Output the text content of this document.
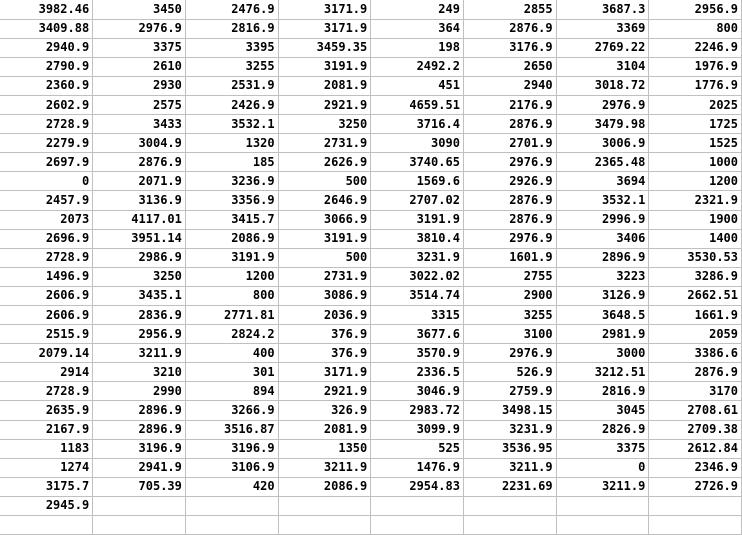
3982.46	3450	2476.9	3171.9	249	2855	3687.3	2956.9
3409.88	2976.9	2816.9	3171.9	364	2876.9	3369	800
2940.9	3375	3395	3459.35	198	3176.9	2769.22	2246.9
2790.9	2610	3255	3191.9	2492.2	2650	3104	1976.9
2360.9	2930	2531.9	2081.9	451	2940	3018.72	1776.9
2602.9	2575	2426.9	2921.9	4659.51	2176.9	2976.9	2025
2728.9	3433	3532.1	3250	3716.4	2876.9	3479.98	1725
2279.9	3004.9	1320	2731.9	3090	2701.9	3006.9	1525
2697.9	2876.9	185	2626.9	3740.65	2976.9	2365.48	1000
0	2071.9	3236.9	500	1569.6	2926.9	3694	1200
2457.9	3136.9	3356.9	2646.9	2707.02	2876.9	3532.1	2321.9
2073	4117.01	3415.7	3066.9	3191.9	2876.9	2996.9	1900
2696.9	3951.14	2086.9	3191.9	3810.4	2976.9	3406	1400
2728.9	2986.9	3191.9	500	3231.9	1601.9	2896.9	3530.53
1496.9	3250	1200	2731.9	3022.02	2755	3223	3286.9
2606.9	3435.1	800	3086.9	3514.74	2900	3126.9	2662.51
2606.9	2836.9	2771.81	2036.9	3315	3255	3648.5	1661.9
2515.9	2956.9	2824.2	376.9	3677.6	3100	2981.9	2059
2079.14	3211.9	400	376.9	3570.9	2976.9	3000	3386.6
2914	3210	301	3171.9	2336.5	526.9	3212.51	2876.9
2728.9	2990	894	2921.9	3046.9	2759.9	2816.9	3170
2635.9	2896.9	3266.9	326.9	2983.72	3498.15	3045	2708.61
2167.9	2896.9	3516.87	2081.9	3099.9	3231.9	2826.9	2709.38
1183	3196.9	3196.9	1350	525	3536.95	3375	2612.84
1274	2941.9	3106.9	3211.9	1476.9	3211.9	0	2346.9
3175.7	705.39	420	2086.9	2954.83	2231.69	3211.9	2726.9
2945.9							
